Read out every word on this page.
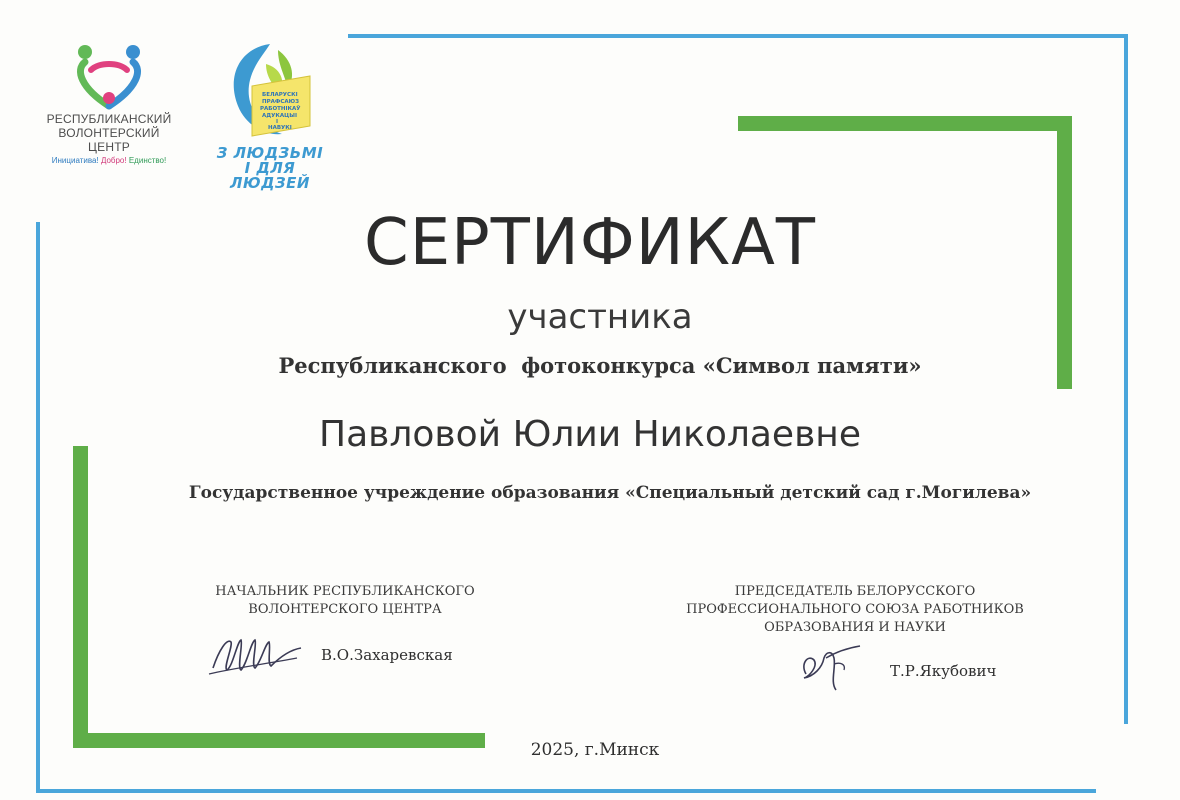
РЕСПУБЛИКАНСКИЙ
ВОЛОНТЕРСКИЙ
ЦЕНТР
Инициатива! Добро! Единство!
БЕЛАРУСКI
ПРАФСАЮЗ
РАБОТНIКАЎ
АДУКАЦЫI
I
НАВУКI
З ЛЮДЗЬМІ
І ДЛЯ ЛЮДЗЕЙ
СЕРТИФИКАТ
участника
Республиканского  фотоконкурса «Символ памяти»
Павловой Юлии Николаевне
Государственное учреждение образования «Специальный детский сад г.Могилева»
НАЧАЛЬНИК РЕСПУБЛИКАНСКОГО
ВОЛОНТЕРСКОГО ЦЕНТРА
В.О.Захаревская
ПРЕДСЕДАТЕЛЬ БЕЛОРУССКОГО
ПРОФЕССИОНАЛЬНОГО СОЮЗА РАБОТНИКОВ
ОБРАЗОВАНИЯ И НАУКИ
Т.Р.Якубович
2025, г.Минск
